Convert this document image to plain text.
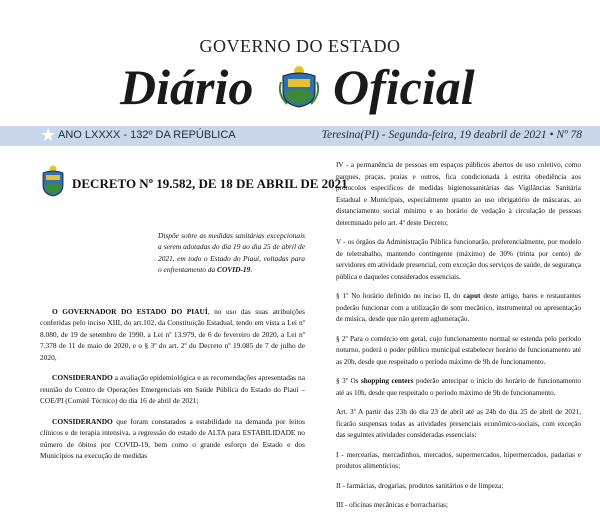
GOVERNO DO ESTADO
Diário Oficial
★ ANO LXXXX - 132º DA REPÚBLICA	Teresina(PI) - Segunda-feira, 19 deabril de 2021 • Nº 78
DECRETO Nº 19.582, DE 18 DE ABRIL DE 2021
Dispõe sobre as medidas sanitárias excepcionais a serem adotadas do dia 19 ao dia 25 de abril de 2021, em todo o Estado do Piauí, voltadas para o enfrentamento da COVID-19.

O GOVERNADOR DO ESTADO DO PIAUÍ, no uso das suas atribuições conferidas pelo inciso XIII, do art.102, da Constituição Estadual, tendo em vista a Lei nº 8.080, de 19 de setembro de 1990, a Lei nº 13.979, de 6 de fevereiro de 2020, a Lei nº 7.378 de 11 de maio de 2020, e o § 3º do art. 2º do Decreto nº 19.085 de 7 de julho de 2020,

CONSIDERANDO a avaliação epidemiológica e as recomendações apresentadas na reunião do Centro de Operações Emergenciais em Saúde Pública do Estado do Piauí – COE/PI (Comitê Técnico) do dia 16 de abril de 2021;

CONSIDERANDO que foram constatados a estabilidade na demanda por leitos clínicos e de terapia intensiva, a regressão do estado de ALTA para ESTABILIDADE no número de óbitos por COVID-19, bem como o grande esforço do Estado e dos Municípios na execução de medidas

IV - a permanência de pessoas em espaços públicos abertos de uso coletivo, como parques, praças, praias e outros, fica condicionada à estrita obediência aos protocolos específicos de medidas higienossanitárias das Vigilâncias Sanitária Estadual e Municipais, especialmente quanto ao uso obrigatório de máscaras, ao distanciamento social mínimo e ao horário de vedação à circulação de pessoas determinado pelo art. 4º deste Decreto;

V - os órgãos da Administração Pública funcionarão, preferencialmente, por modelo de teletrabalho, mantendo contingente (máximo) de 30% (trinta por cento) de servidores em atividade presencial, com exceção dos serviços de saúde, de segurança pública e daqueles considerados essenciais.

§ 1º No horário definido no inciso II, do caput deste artigo, bares e restaurantes poderão funcionar com a utilização de som mecânico, instrumental ou apresentação de música, desde que não gerem aglomeração.

§ 2º Para o comércio em geral, cujo funcionamento normal se estenda pelo período noturno, poderá o poder público municipal estabelecer horário de funcionamento até as 20h, desde que respeitado o período máximo de 9h de funcionamento.

§ 3º Os shopping centers poderão antecipar o início do horário de funcionamento até as 10h, desde que respeitado o período máximo de 9h de funcionamento.

Art. 3º A partir das 23h do dia 23 de abril até as 24h do dia 25 de abril de 2021, ficarão suspensas todas as atividades presenciais econômico-sociais, com exceção das seguintes atividades consideradas essenciais:

I - mercearias, mercadinhos, mercados, supermercados, hipermercados, padarias e produtos alimentícios;

II - farmácias, drogarias, produtos sanitários e de limpeza;

III - oficinas mecânicas e borracharias;
